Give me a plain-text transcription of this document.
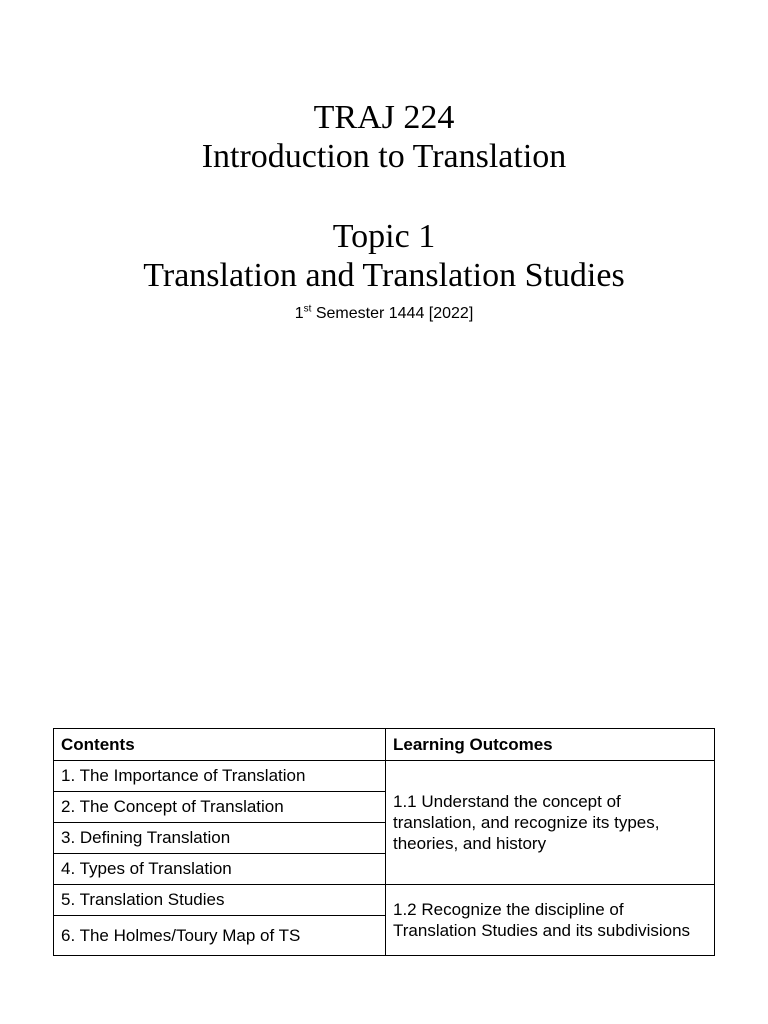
TRAJ 224

Introduction to Translation

Topic 1

Translation and Translation Studies

1st Semester 1444 [2022]
Contents	Learning Outcomes
1. The Importance of Translation	1.1 Understand the concept of translation, and recognize its types, theories, and history
2. The Concept of Translation	
3. Defining Translation	
4. Types of Translation	
5. Translation Studies	1.2 Recognize the discipline of Translation Studies and its subdivisions
6. The Holmes/Toury Map of TS	
